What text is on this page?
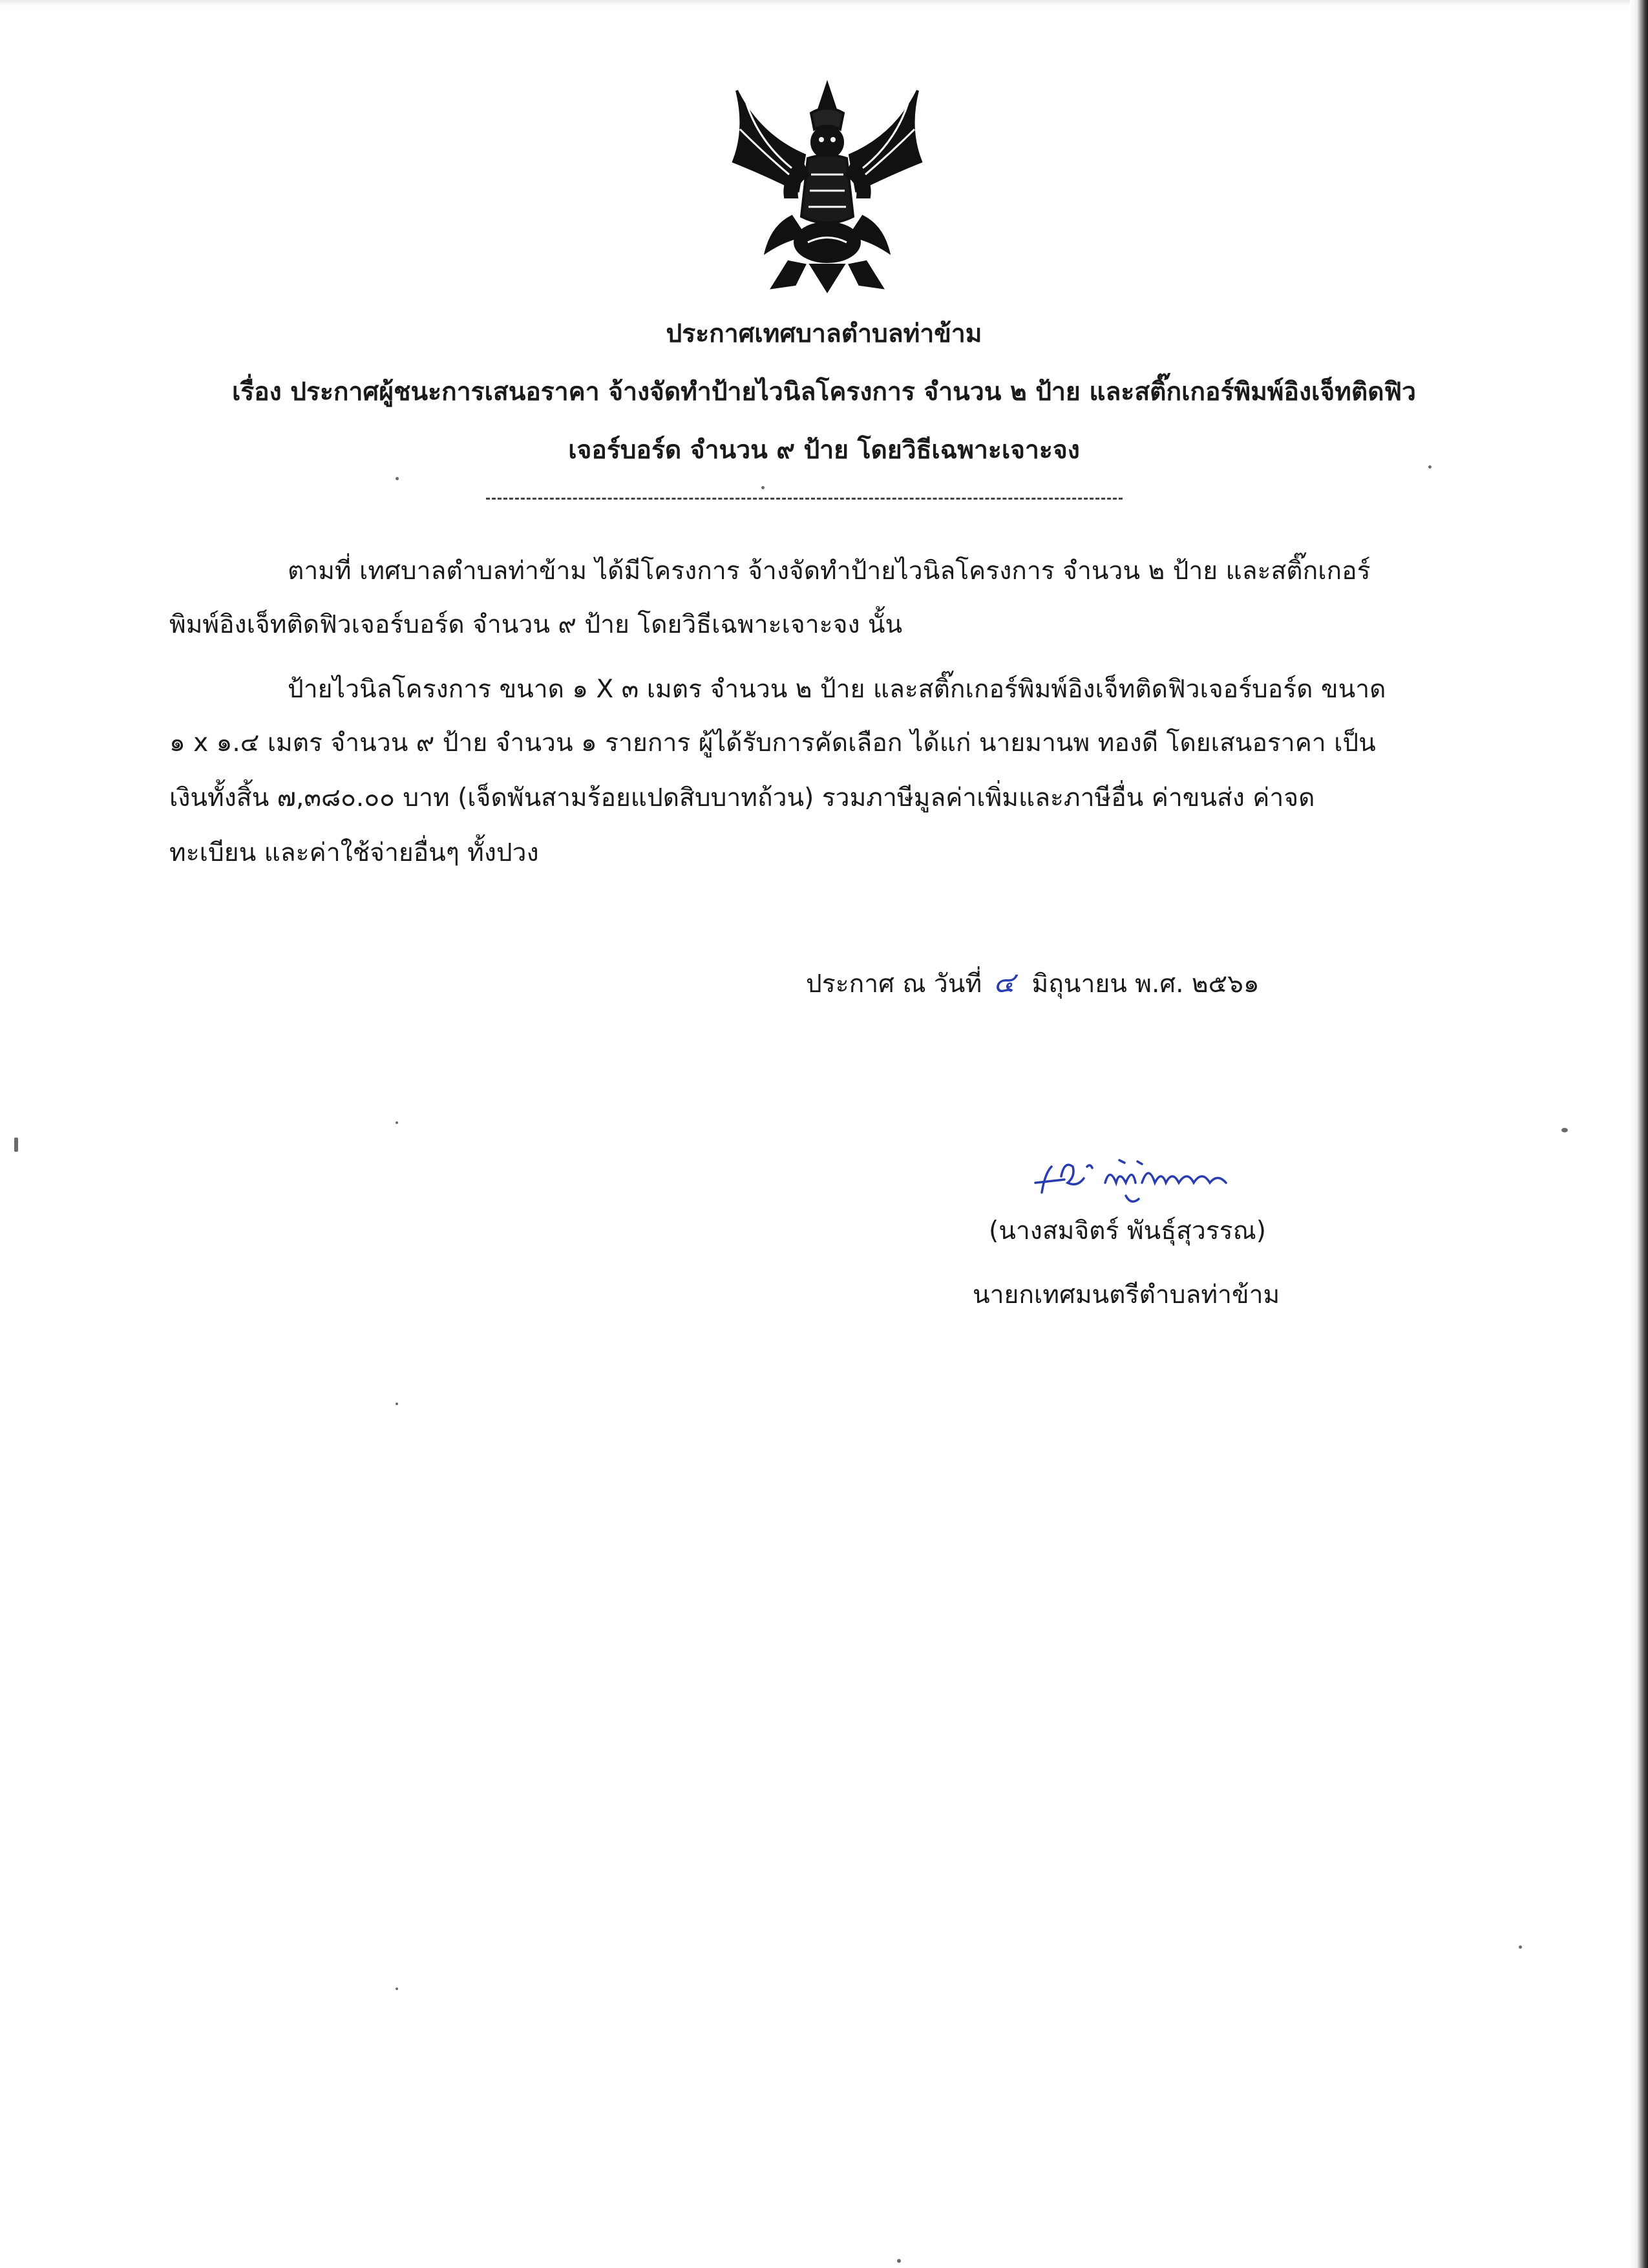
ประกาศเทศบาลตำบลท่าข้าม
เรื่อง ประกาศผู้ชนะการเสนอราคา จ้างจัดทำป้ายไวนิลโครงการ จำนวน ๒ ป้าย และสติ๊กเกอร์พิมพ์อิงเจ็ทติดฟิว
เจอร์บอร์ด จำนวน ๙ ป้าย โดยวิธีเฉพาะเจาะจง
ตามที่ เทศบาลตำบลท่าข้าม ได้มีโครงการ จ้างจัดทำป้ายไวนิลโครงการ จำนวน ๒ ป้าย และสติ๊กเกอร์
พิมพ์อิงเจ็ทติดฟิวเจอร์บอร์ด จำนวน ๙ ป้าย โดยวิธีเฉพาะเจาะจง นั้น
ป้ายไวนิลโครงการ ขนาด ๑ X ๓ เมตร จำนวน ๒ ป้าย และสติ๊กเกอร์พิมพ์อิงเจ็ทติดฟิวเจอร์บอร์ด ขนาด
๑ x ๑.๔ เมตร จำนวน ๙ ป้าย จำนวน ๑ รายการ ผู้ได้รับการคัดเลือก ได้แก่ นายมานพ ทองดี โดยเสนอราคา เป็น
เงินทั้งสิ้น ๗,๓๘๐.๐๐ บาท (เจ็ดพันสามร้อยแปดสิบบาทถ้วน) รวมภาษีมูลค่าเพิ่มและภาษีอื่น ค่าขนส่ง ค่าจด
ทะเบียน และค่าใช้จ่ายอื่นๆ ทั้งปวง
ประกาศ ณ วันที่ ๔ มิถุนายน พ.ศ. ๒๕๖๑
(นางสมจิตร์ พันธุ์สุวรรณ)
นายกเทศมนตรีตำบลท่าข้าม
